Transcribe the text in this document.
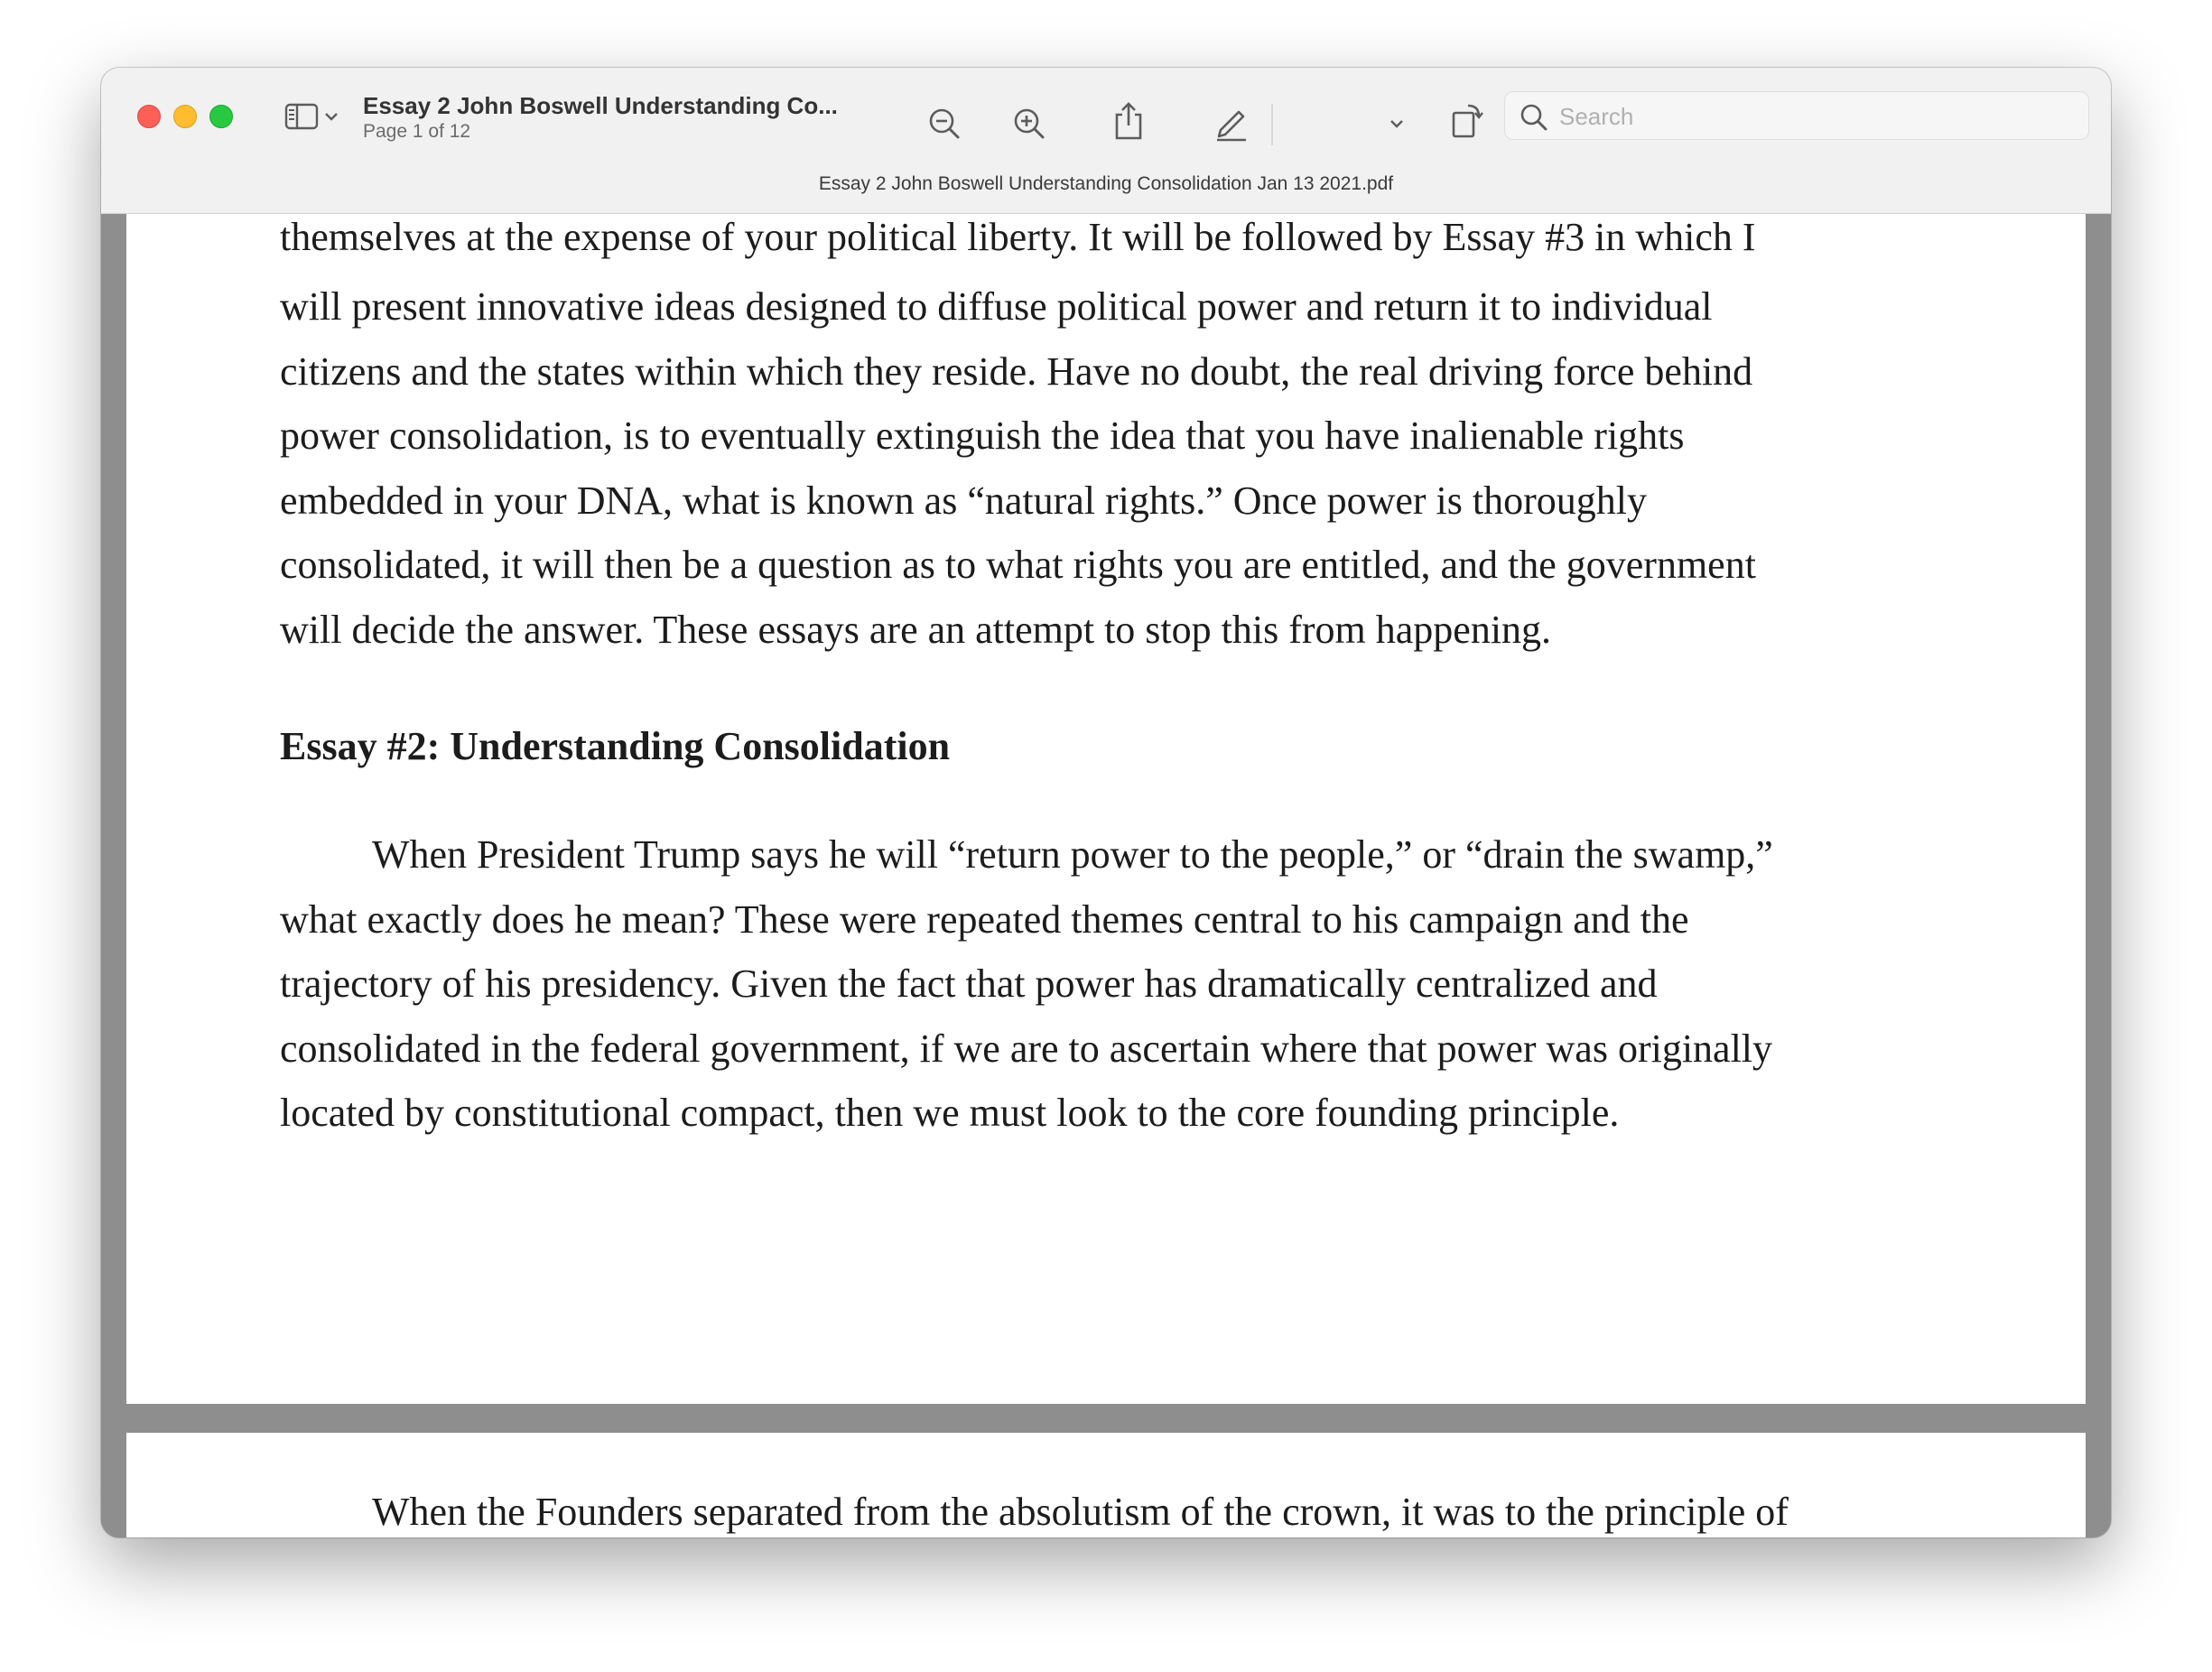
Essay 2 John Boswell Understanding Co...
Page 1 of 12
Search
Essay 2 John Boswell Understanding Consolidation Jan 13 2021.pdf
themselves at the expense of your political liberty. It will be followed by Essay #3 in which I
will present innovative ideas designed to diffuse political power and return it to individual
citizens and the states within which they reside. Have no doubt, the real driving force behind
power consolidation, is to eventually extinguish the idea that you have inalienable rights
embedded in your DNA, what is known as “natural rights.” Once power is thoroughly
consolidated, it will then be a question as to what rights you are entitled, and the government
will decide the answer. These essays are an attempt to stop this from happening.
Essay #2: Understanding Consolidation
When President Trump says he will “return power to the people,” or “drain the swamp,”
what exactly does he mean? These were repeated themes central to his campaign and the
trajectory of his presidency. Given the fact that power has dramatically centralized and
consolidated in the federal government, if we are to ascertain where that power was originally
located by constitutional compact, then we must look to the core founding principle.
When the Founders separated from the absolutism of the crown, it was to the principle of
